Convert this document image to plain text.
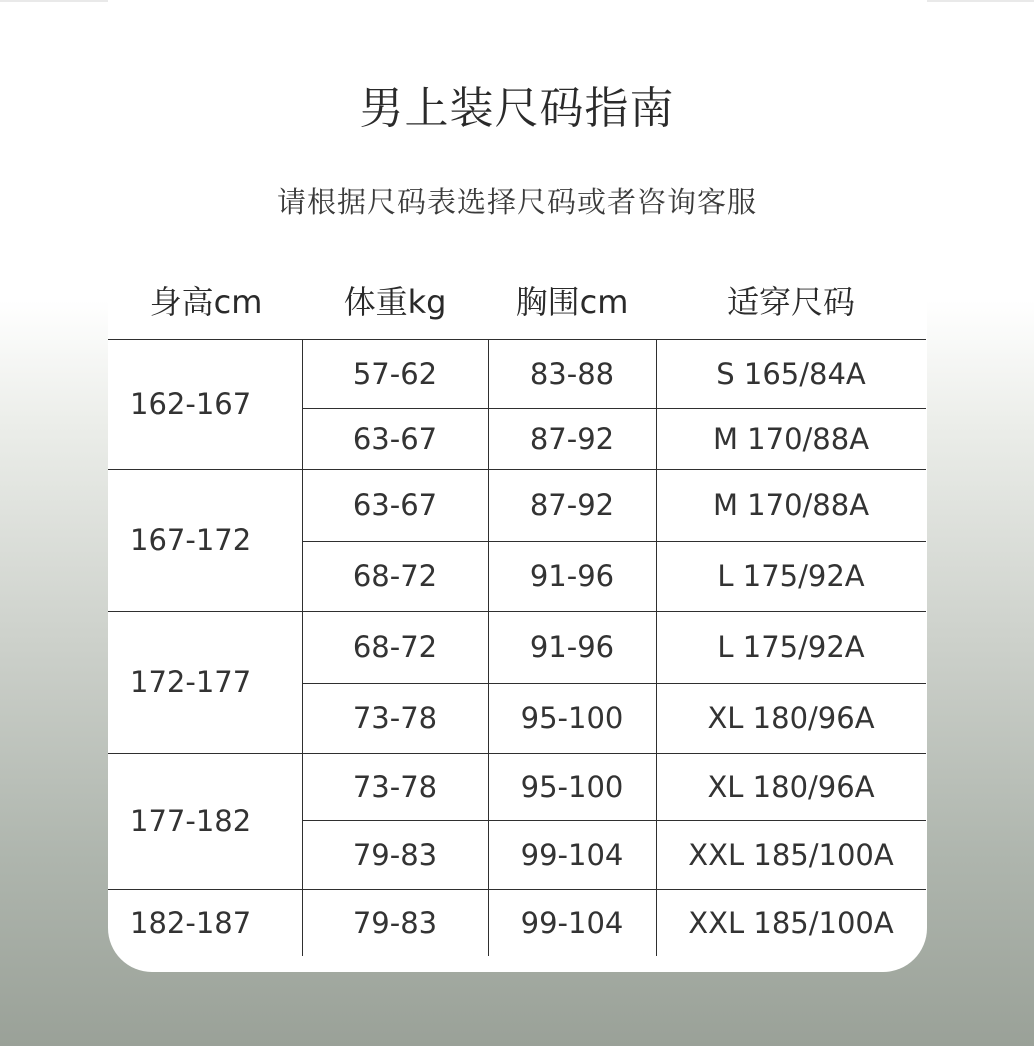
男上装尺码指南
请根据尺码表选择尺码或者咨询客服
身高cm	体重kg	胸围cm	适穿尺码
162-167
57-62	83-88	S 165/84A
63-67	87-92	M 170/88A
167-172
63-67	87-92	M 170/88A
68-72	91-96	L 175/92A
172-177
68-72	91-96	L 175/92A
73-78	95-100	XL 180/96A
177-182
73-78	95-100	XL 180/96A
79-83	99-104	XXL 185/100A
182-187	79-83	99-104	XXL 185/100A
